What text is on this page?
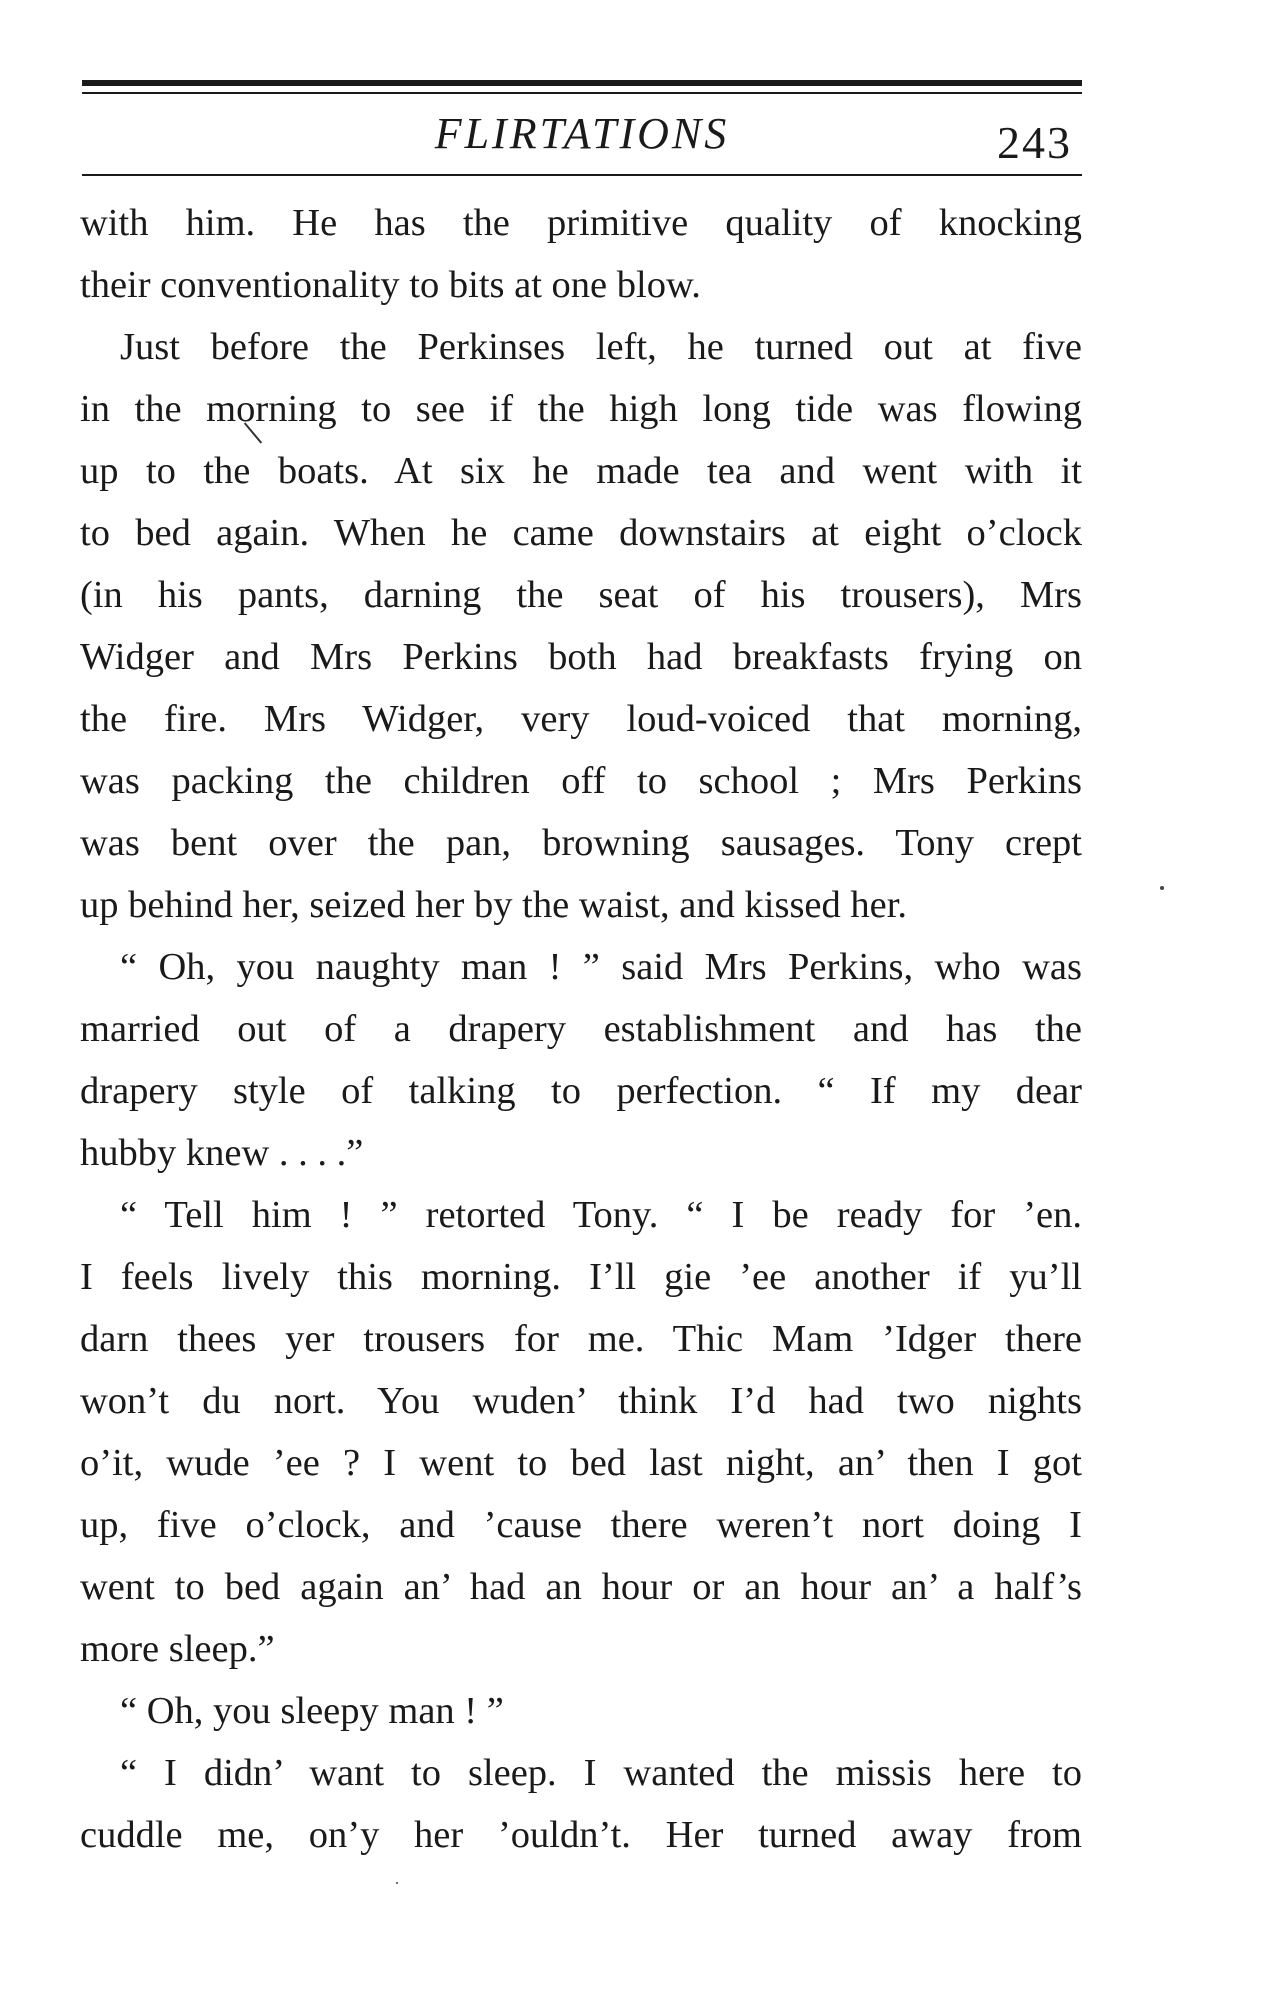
FLIRTATIONS	243
with him. He has the primitive quality of knocking
their conventionality to bits at one blow.
Just before the Perkinses left, he turned out at five
in the morning to see if the high long tide was flowing
up to the boats. At six he made tea and went with it
to bed again. When he came downstairs at eight o’clock
(in his pants, darning the seat of his trousers), Mrs
Widger and Mrs Perkins both had breakfasts frying on
the fire. Mrs Widger, very loud-voiced that morning,
was packing the children off to school ; Mrs Perkins
was bent over the pan, browning sausages. Tony crept
up behind her, seized her by the waist, and kissed her.
“ Oh, you naughty man ! ” said Mrs Perkins, who was
married out of a drapery establishment and has the
drapery style of talking to perfection. “ If my dear
hubby knew . . . .”
“ Tell him ! ” retorted Tony. “ I be ready for ’en.
I feels lively this morning. I’ll gie ’ee another if yu’ll
darn thees yer trousers for me. Thic Mam ’Idger there
won’t du nort. You wuden’ think I’d had two nights
o’it, wude ’ee ? I went to bed last night, an’ then I got
up, five o’clock, and ’cause there weren’t nort doing I
went to bed again an’ had an hour or an hour an’ a half’s
more sleep.”
“ Oh, you sleepy man ! ”
“ I didn’ want to sleep. I wanted the missis here to
cuddle me, on’y her ’ouldn’t. Her turned away from
